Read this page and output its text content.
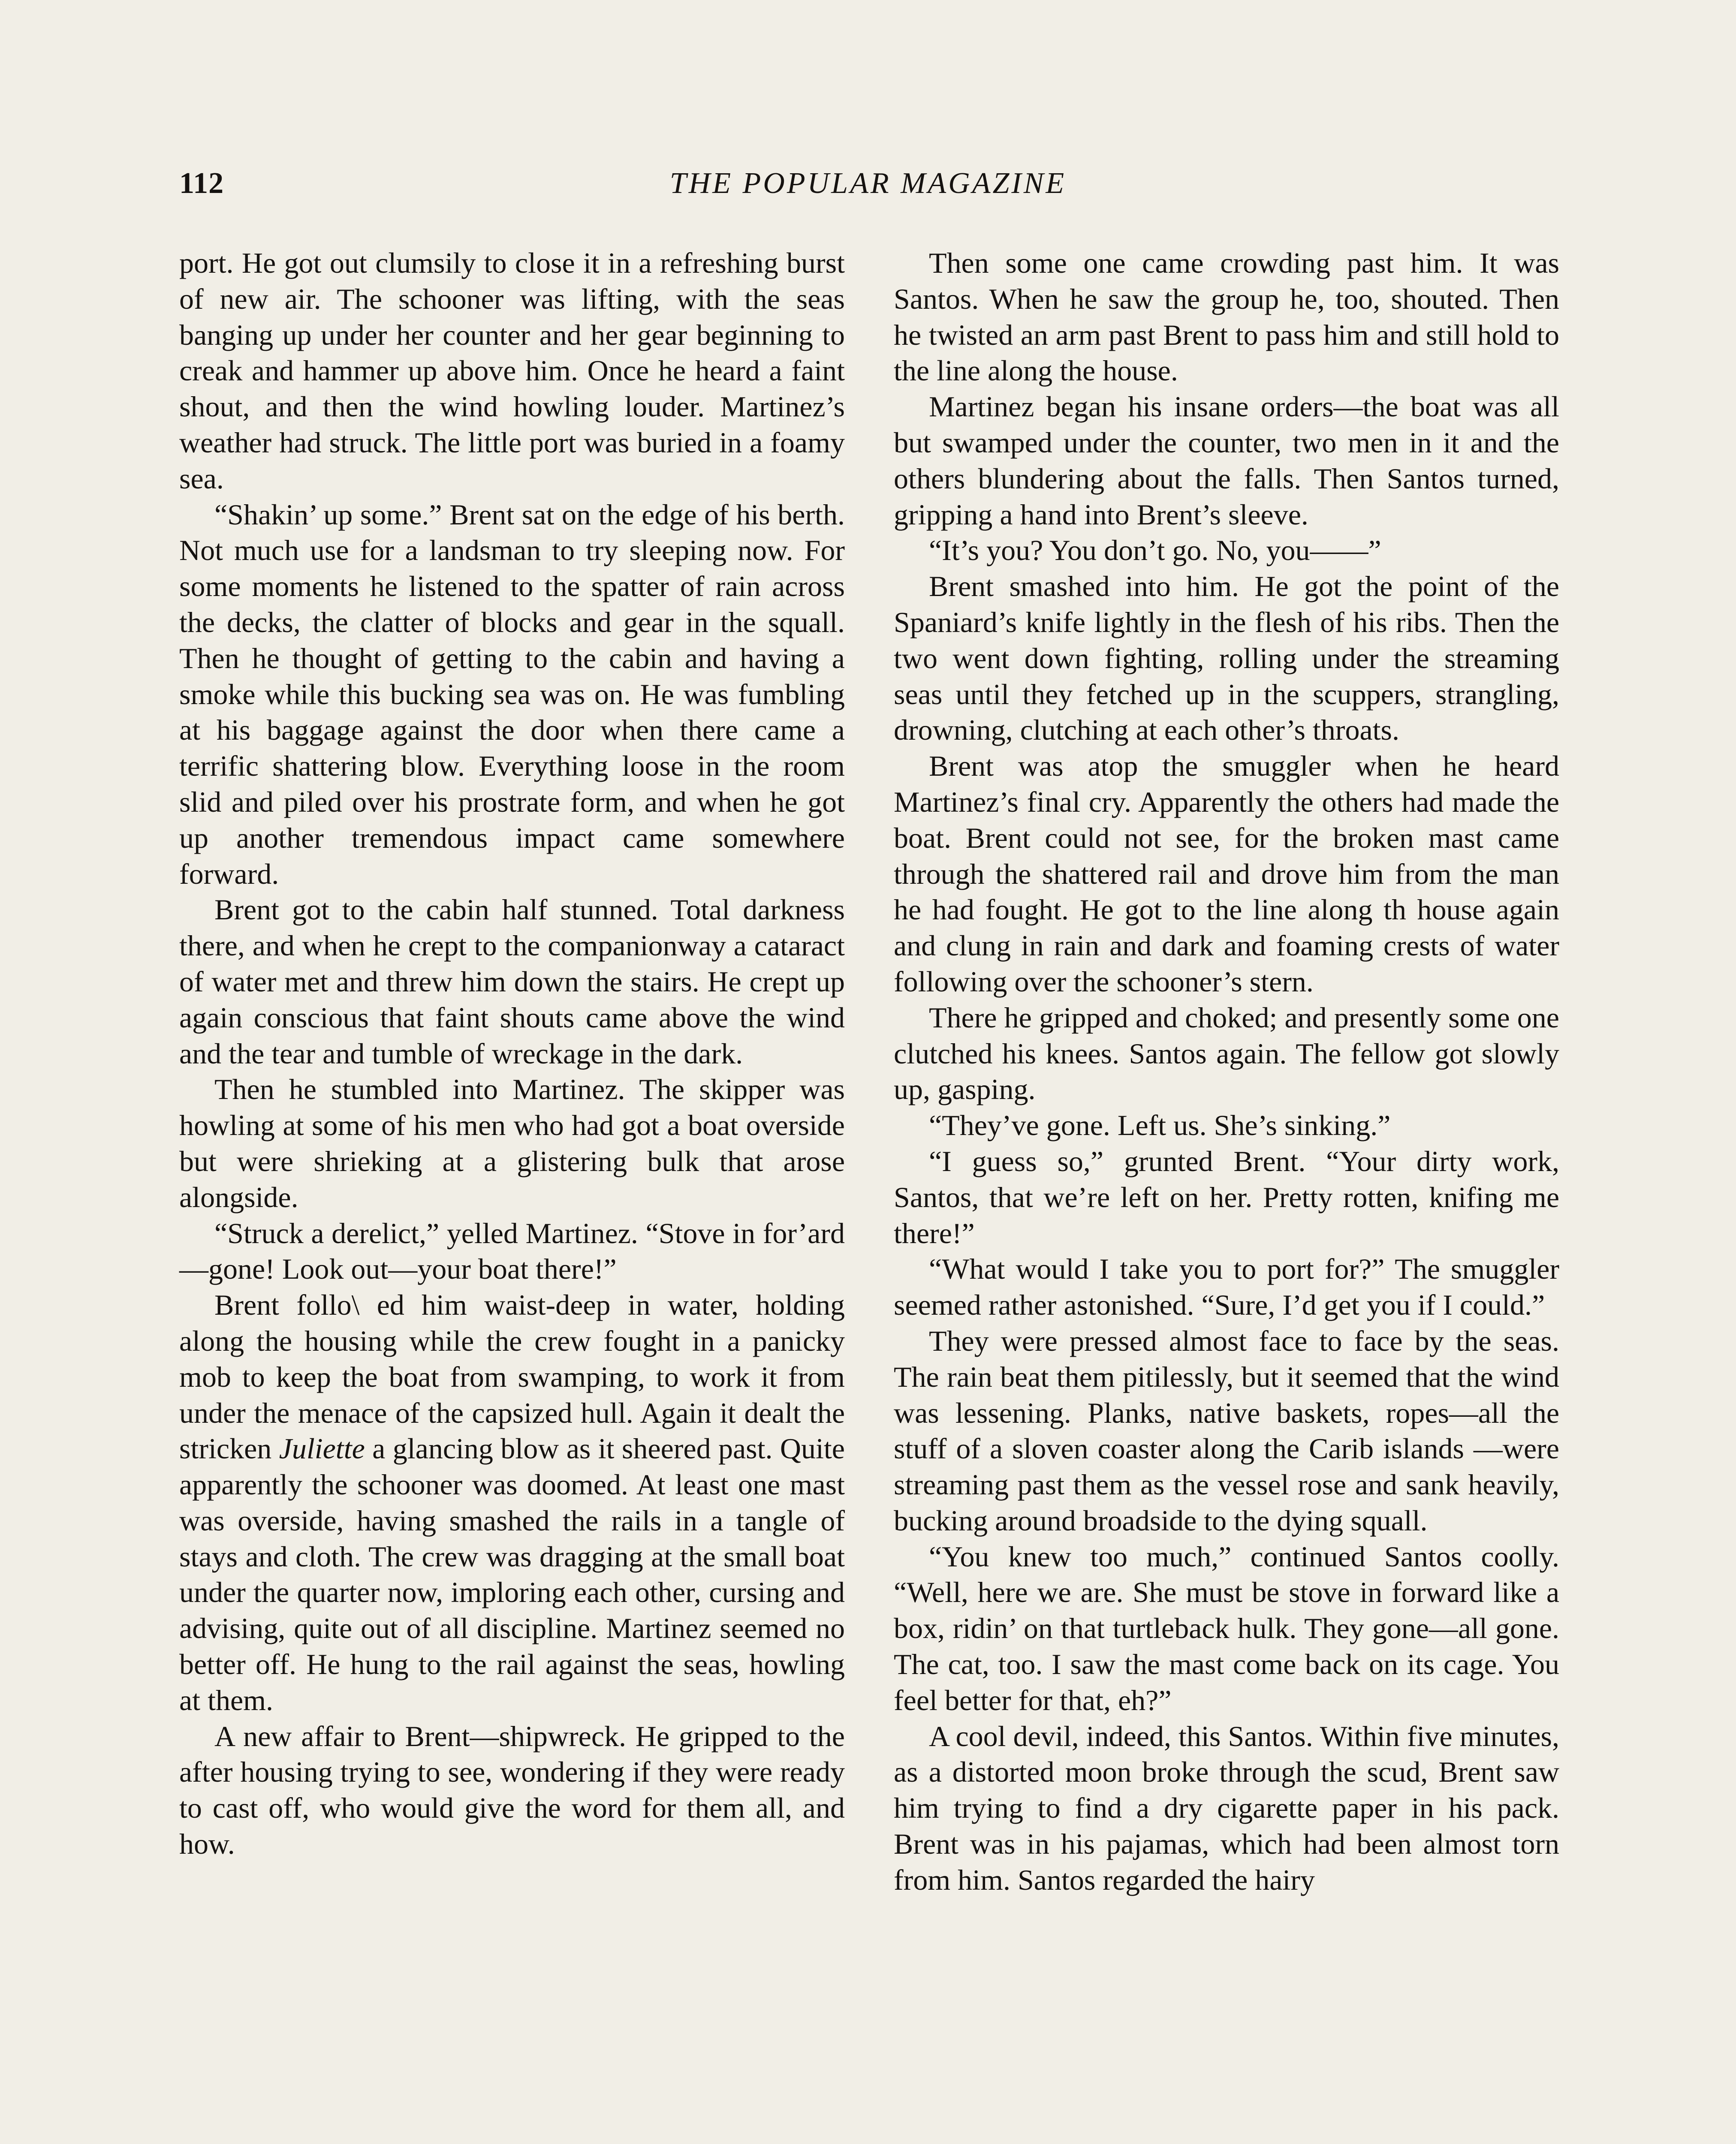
112	THE POPULAR MAGAZINE

port. He got out clumsily to close it in a refreshing burst of new air. The schooner was lifting, with the seas banging up under her counter and her gear beginning to creak and hammer up above him. Once he heard a faint shout, and then the wind howling louder. Martinez’s weather had struck. The little port was buried in a foamy sea.

“Shakin’ up some.” Brent sat on the edge of his berth. Not much use for a landsman to try sleeping now. For some moments he listened to the spatter of rain across the decks, the clatter of blocks and gear in the squall. Then he thought of getting to the cabin and having a smoke while this bucking sea was on. He was fumbling at his baggage against the door when there came a terrific shattering blow. Everything loose in the room slid and piled over his prostrate form, and when he got up another tremendous impact came somewhere forward.

Brent got to the cabin half stunned. Total darkness there, and when he crept to the companionway a cataract of water met and threw him down the stairs. He crept up again conscious that faint shouts came above the wind and the tear and tumble of wreckage in the dark.

Then he stumbled into Martinez. The skipper was howling at some of his men who had got a boat overside but were shrieking at a glistering bulk that arose alongside.

“Struck a derelict,” yelled Martinez. “Stove in for’ard—gone! Look out—your boat there!”

Brent follo\ ed him waist-deep in water, holding along the housing while the crew fought in a panicky mob to keep the boat from swamping, to work it from under the menace of the capsized hull. Again it dealt the stricken Juliette a glancing blow as it sheered past. Quite apparently the schooner was doomed. At least one mast was overside, having smashed the rails in a tangle of stays and cloth. The crew was dragging at the small boat under the quarter now, imploring each other, cursing and advising, quite out of all discipline. Martinez seemed no better off. He hung to the rail against the seas, howling at them.

A new affair to Brent—shipwreck. He gripped to the after housing trying to see, wondering if they were ready to cast off, who would give the word for them all, and how.

Then some one came crowding past him. It was Santos. When he saw the group he, too, shouted. Then he twisted an arm past Brent to pass him and still hold to the line along the house.

Martinez began his insane orders—the boat was all but swamped under the counter, two men in it and the others blundering about the falls. Then Santos turned, gripping a hand into Brent’s sleeve.

“It’s you? You don’t go. No, you——”

Brent smashed into him. He got the point of the Spaniard’s knife lightly in the flesh of his ribs. Then the two went down fighting, rolling under the streaming seas until they fetched up in the scuppers, strangling, drowning, clutching at each other’s throats.

Brent was atop the smuggler when he heard Martinez’s final cry. Apparently the others had made the boat. Brent could not see, for the broken mast came through the shattered rail and drove him from the man he had fought. He got to the line along th house again and clung in rain and dark and foaming crests of water following over the schooner’s stern.

There he gripped and choked; and presently some one clutched his knees. Santos again. The fellow got slowly up, gasping.

“They’ve gone. Left us. She’s sinking.”

“I guess so,” grunted Brent. “Your dirty work, Santos, that we’re left on her. Pretty rotten, knifing me there!”

“What would I take you to port for?” The smuggler seemed rather astonished. “Sure, I’d get you if I could.”

They were pressed almost face to face by the seas. The rain beat them pitilessly, but it seemed that the wind was lessening. Planks, native baskets, ropes—all the stuff of a sloven coaster along the Carib islands —were streaming past them as the vessel rose and sank heavily, bucking around broadside to the dying squall.

“You knew too much,” continued Santos coolly. “Well, here we are. She must be stove in forward like a box, ridin’ on that turtleback hulk. They gone—all gone. The cat, too. I saw the mast come back on its cage. You feel better for that, eh?”

A cool devil, indeed, this Santos. Within five minutes, as a distorted moon broke through the scud, Brent saw him trying to find a dry cigarette paper in his pack. Brent was in his pajamas, which had been almost torn from him. Santos regarded the hairy
